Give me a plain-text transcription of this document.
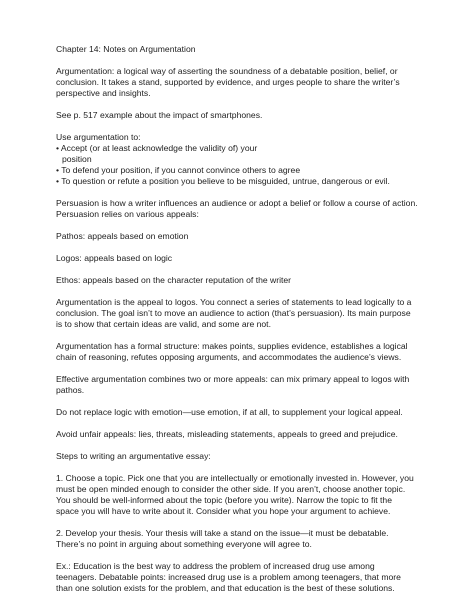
Chapter 14: Notes on Argumentation

Argumentation: a logical way of asserting the soundness of a debatable position, belief, or
conclusion. It takes a stand, supported by evidence, and urges people to share the writer’s
perspective and insights.

See p. 517 example about the impact of smartphones.

Use argumentation to:
• Accept (or at least acknowledge the validity of) your
position
• To defend your position, if you cannot convince others to agree
• To question or refute a position you believe to be misguided, untrue, dangerous or evil.
Persuasion is how a writer influences an audience or adopt a belief or follow a course of action.
Persuasion relies on various appeals:

Pathos: appeals based on emotion

Logos: appeals based on logic

Ethos: appeals based on the character reputation of the writer

Argumentation is the appeal to logos. You connect a series of statements to lead logically to a
conclusion. The goal isn’t to move an audience to action (that’s persuasion). Its main purpose
is to show that certain ideas are valid, and some are not.
Argumentation has a formal structure: makes points, supplies evidence, establishes a logical
chain of reasoning, refutes opposing arguments, and accommodates the audience’s views.
Effective argumentation combines two or more appeals: can mix primary appeal to logos with
pathos.

Do not replace logic with emotion—use emotion, if at all, to supplement your logical appeal.

Avoid unfair appeals: lies, threats, misleading statements, appeals to greed and prejudice.

Steps to writing an argumentative essay:

1. Choose a topic. Pick one that you are intellectually or emotionally invested in. However, you
must be open minded enough to consider the other side. If you aren’t, choose another topic.
You should be well-informed about the topic (before you write). Narrow the topic to fit the
space you will have to write about it. Consider what you hope your argument to achieve.
2. Develop your thesis. Your thesis will take a stand on the issue—it must be debatable.
There’s no point in arguing about something everyone will agree to.
Ex.: Education is the best way to address the problem of increased drug use among
teenagers. Debatable points: increased drug use is a problem among teenagers, that more
than one solution exists for the problem, and that education is the best of these solutions.
